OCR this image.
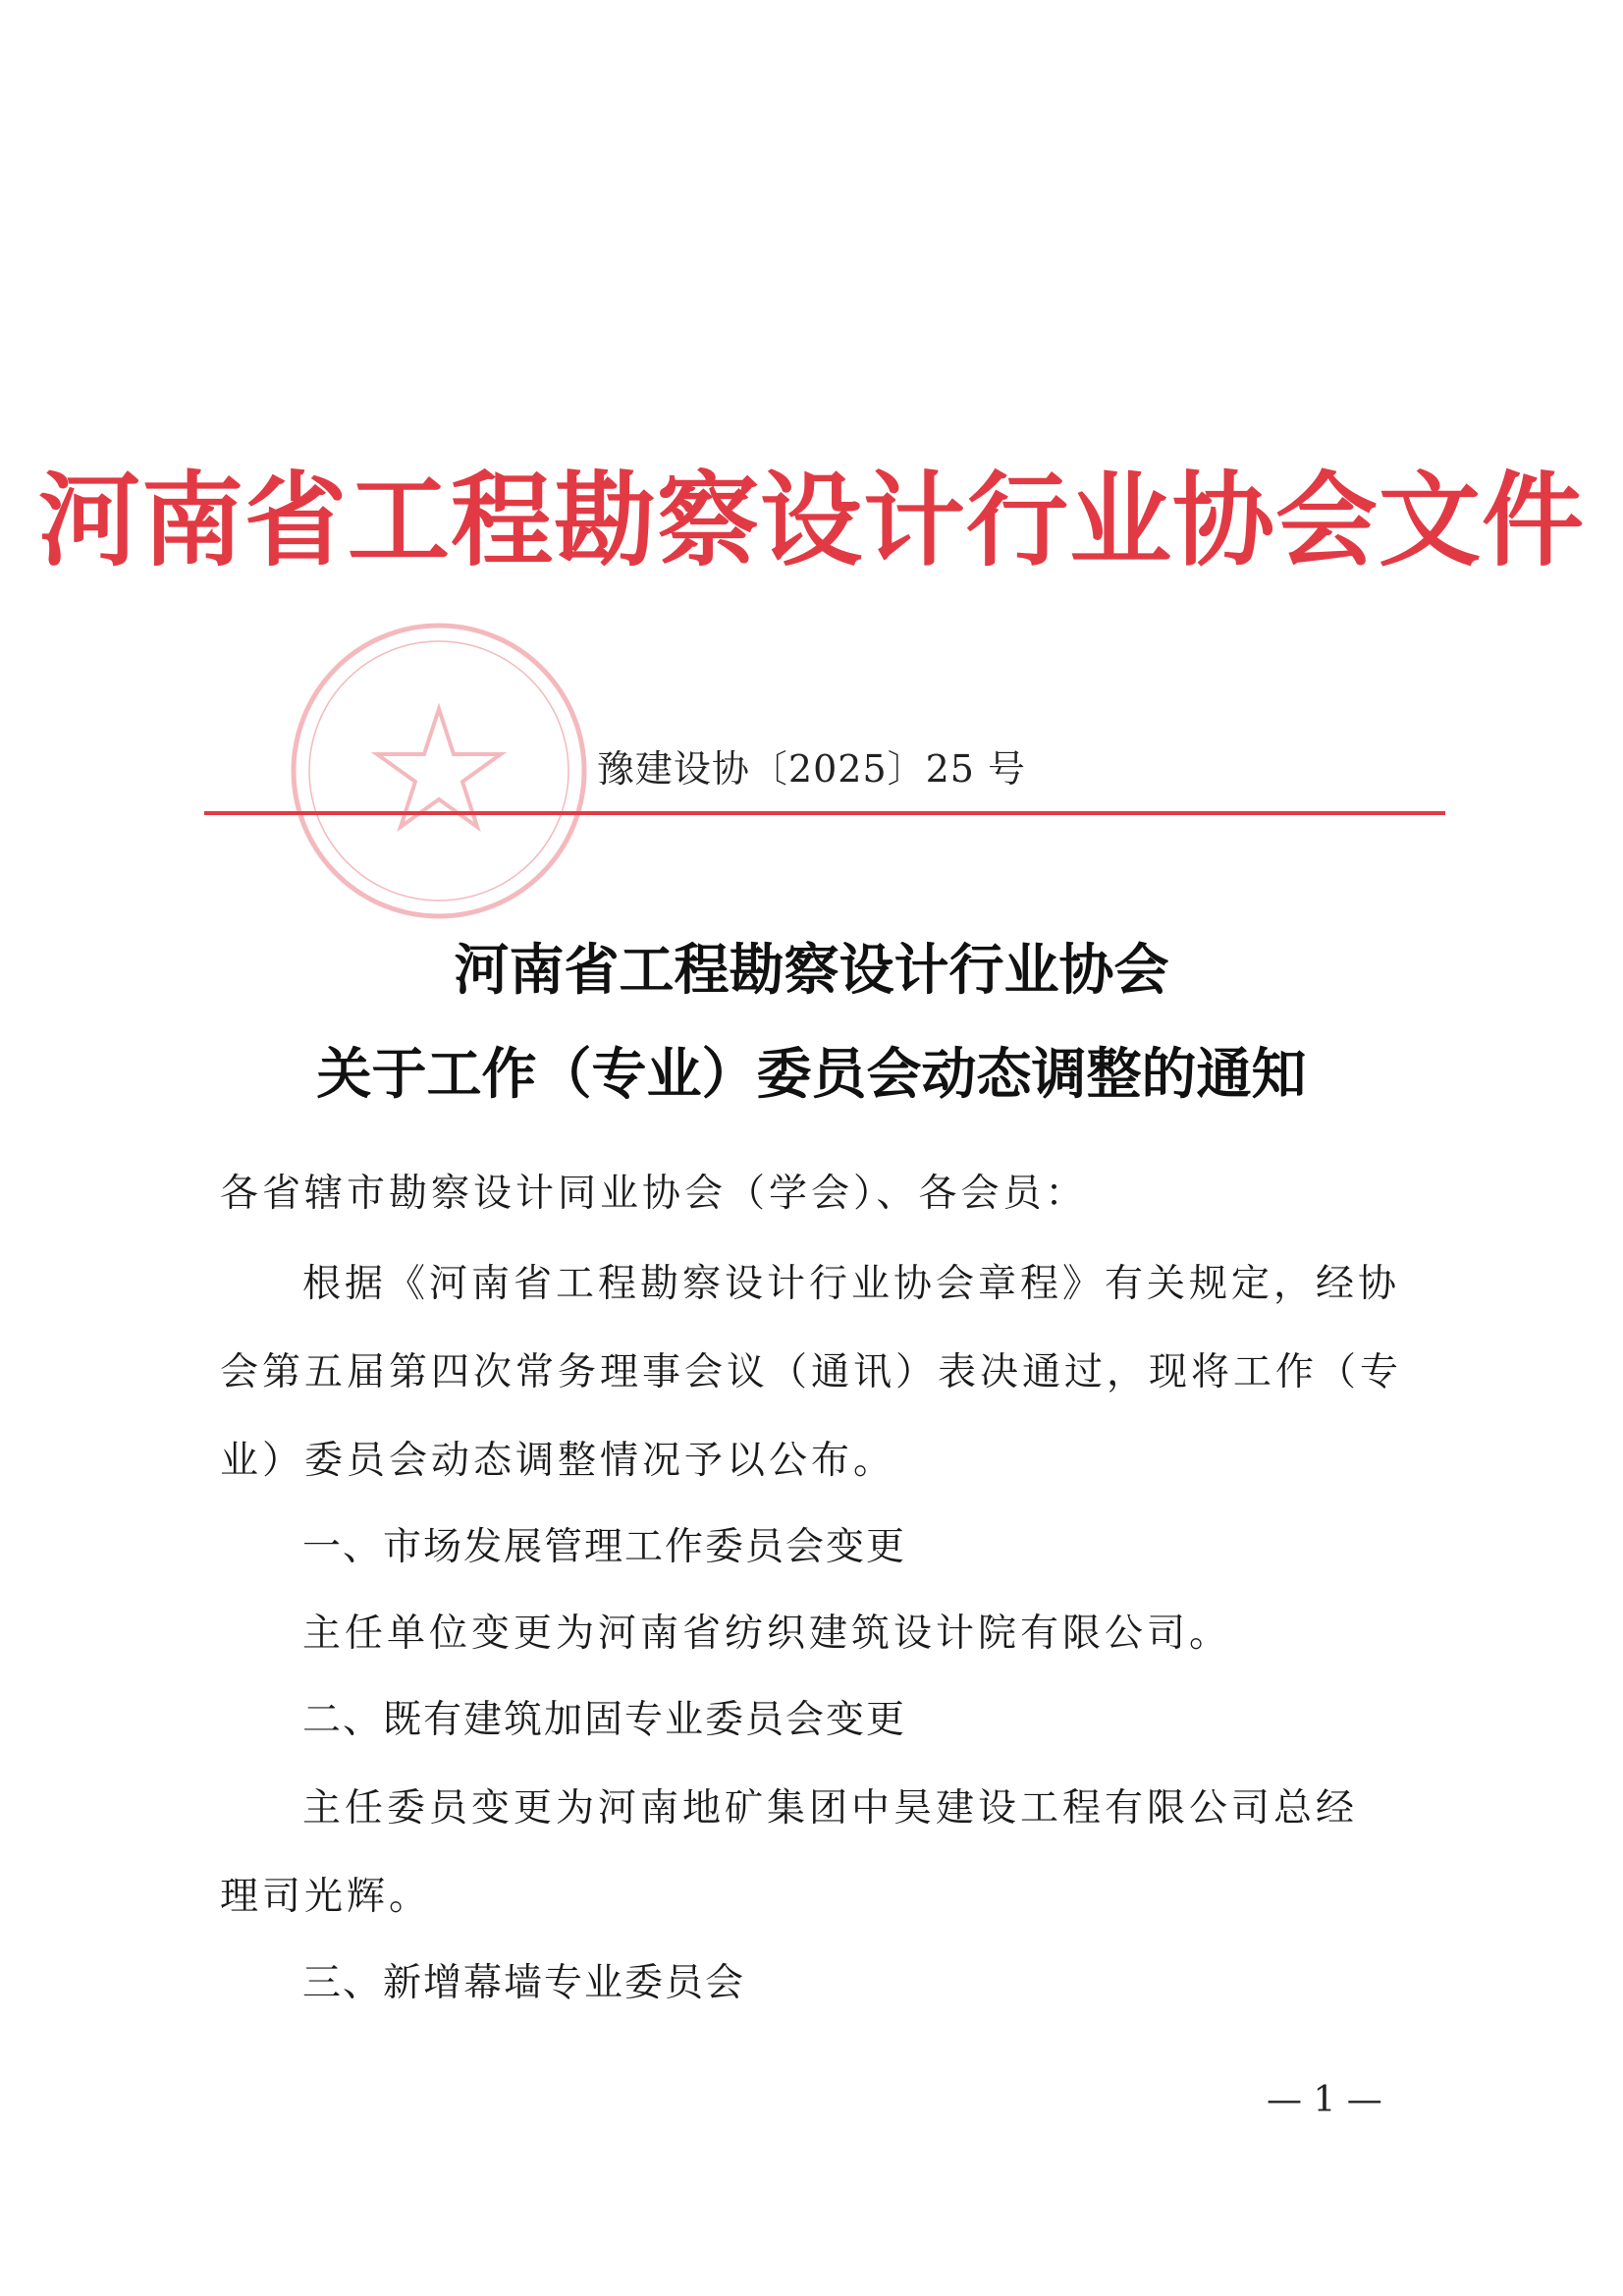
河南省工程勘察设计行业协会文件
豫建设协〔2025〕25 号
河南省工程勘察设计行业协会
关于工作（专业）委员会动态调整的通知
各省辖市勘察设计同业协会（学会）、各会员：
根据《河南省工程勘察设计行业协会章程》有关规定，经协
会第五届第四次常务理事会议（通讯）表决通过，现将工作（专
业）委员会动态调整情况予以公布。
一、市场发展管理工作委员会变更
主任单位变更为河南省纺织建筑设计院有限公司。
二、既有建筑加固专业委员会变更
主任委员变更为河南地矿集团中昊建设工程有限公司总经
理司光辉。
三、新增幕墙专业委员会
— 1 —
